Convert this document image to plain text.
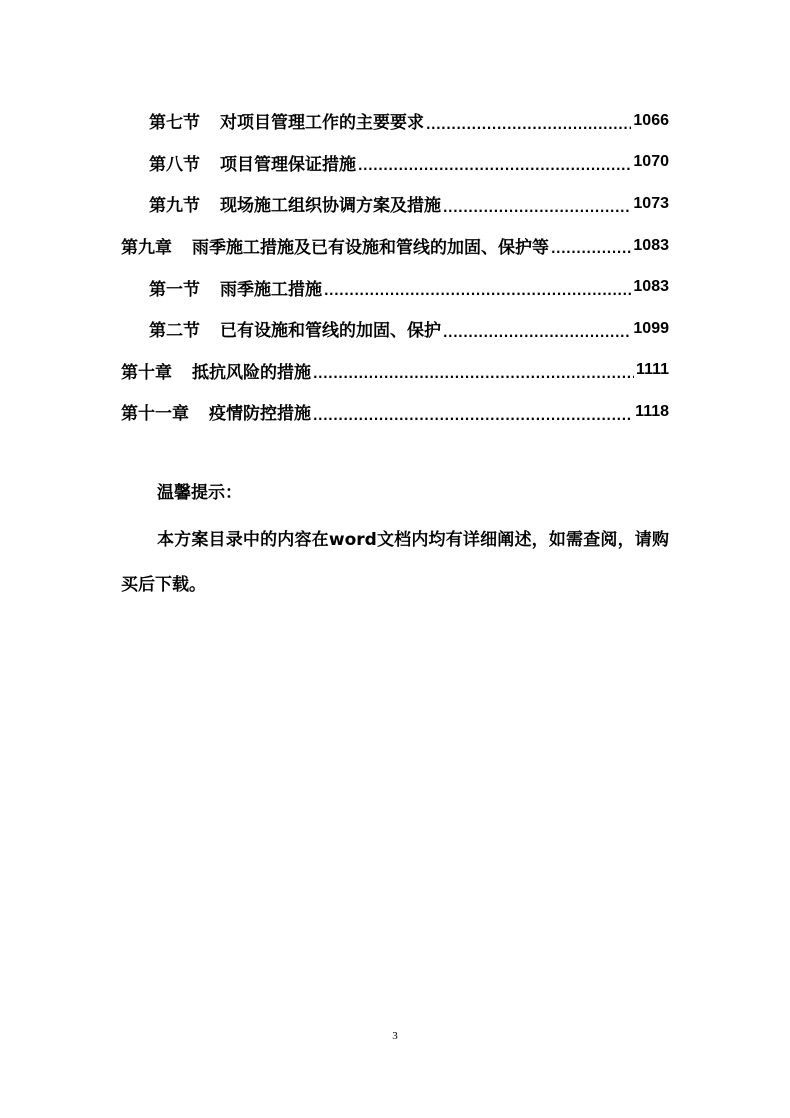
第七节 对项目管理工作的主要要求 .....	1066
第八节 项目管理保证措施 .....	1070
第九节 现场施工组织协调方案及措施 .....	1073
第九章 雨季施工措施及已有设施和管线的加固、保护等 .....	1083
第一节 雨季施工措施 .....	1083
第二节 已有设施和管线的加固、保护 .....	1099
第十章 抵抗风险的措施 .....	1111
第十一章 疫情防控措施 .....	1118
温馨提示：
本方案目录中的内容在word文档内均有详细阐述，如需查阅，请购买后下载。
3
